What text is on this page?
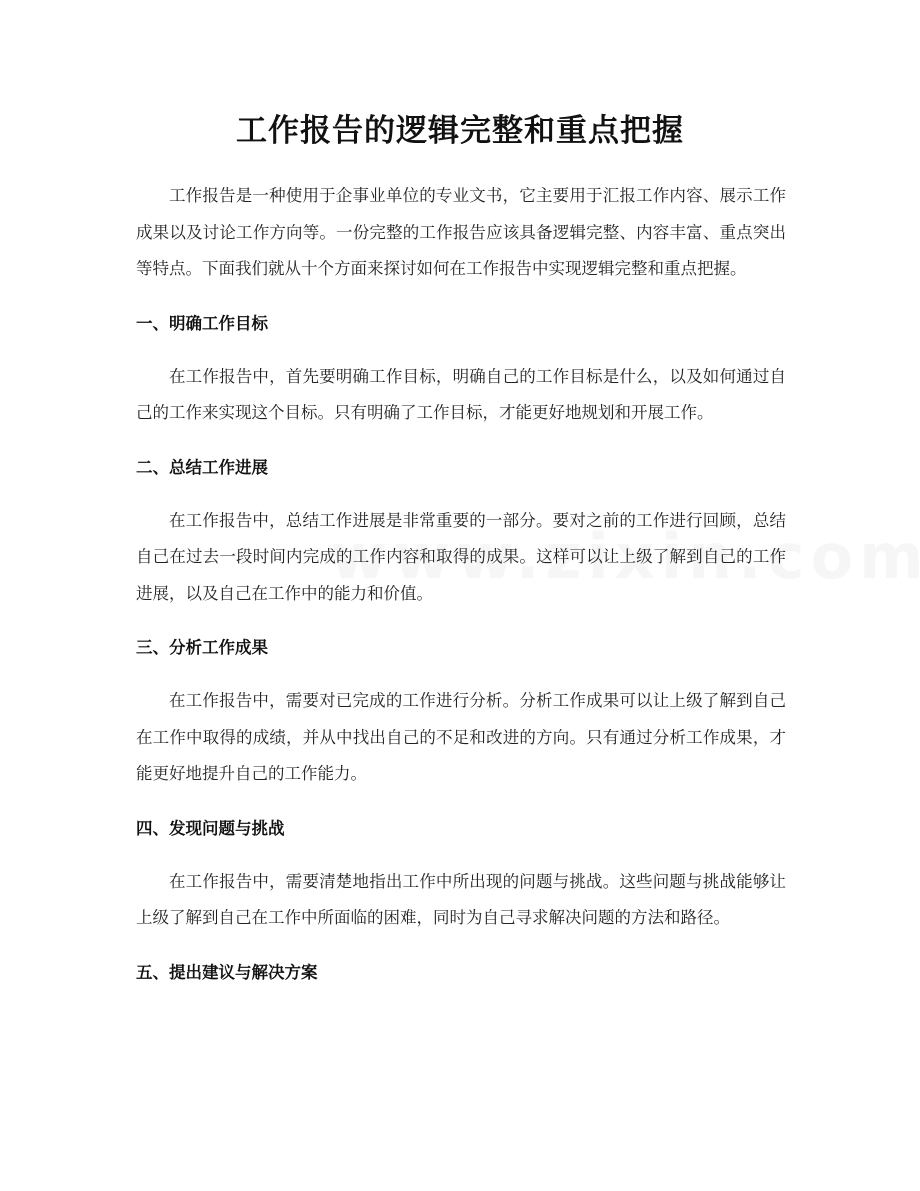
工作报告的逻辑完整和重点把握

工作报告是一种使用于企事业单位的专业文书，它主要用于汇报工作内容、展示工作成果以及讨论工作方向等。一份完整的工作报告应该具备逻辑完整、内容丰富、重点突出等特点。下面我们就从十个方面来探讨如何在工作报告中实现逻辑完整和重点把握。

一、明确工作目标

在工作报告中，首先要明确工作目标，明确自己的工作目标是什么，以及如何通过自己的工作来实现这个目标。只有明确了工作目标，才能更好地规划和开展工作。

二、总结工作进展

在工作报告中，总结工作进展是非常重要的一部分。要对之前的工作进行回顾，总结自己在过去一段时间内完成的工作内容和取得的成果。这样可以让上级了解到自己的工作进展，以及自己在工作中的能力和价值。

三、分析工作成果

在工作报告中，需要对已完成的工作进行分析。分析工作成果可以让上级了解到自己在工作中取得的成绩，并从中找出自己的不足和改进的方向。只有通过分析工作成果，才能更好地提升自己的工作能力。

四、发现问题与挑战

在工作报告中，需要清楚地指出工作中所出现的问题与挑战。这些问题与挑战能够让上级了解到自己在工作中所面临的困难，同时为自己寻求解决问题的方法和路径。

五、提出建议与解决方案
